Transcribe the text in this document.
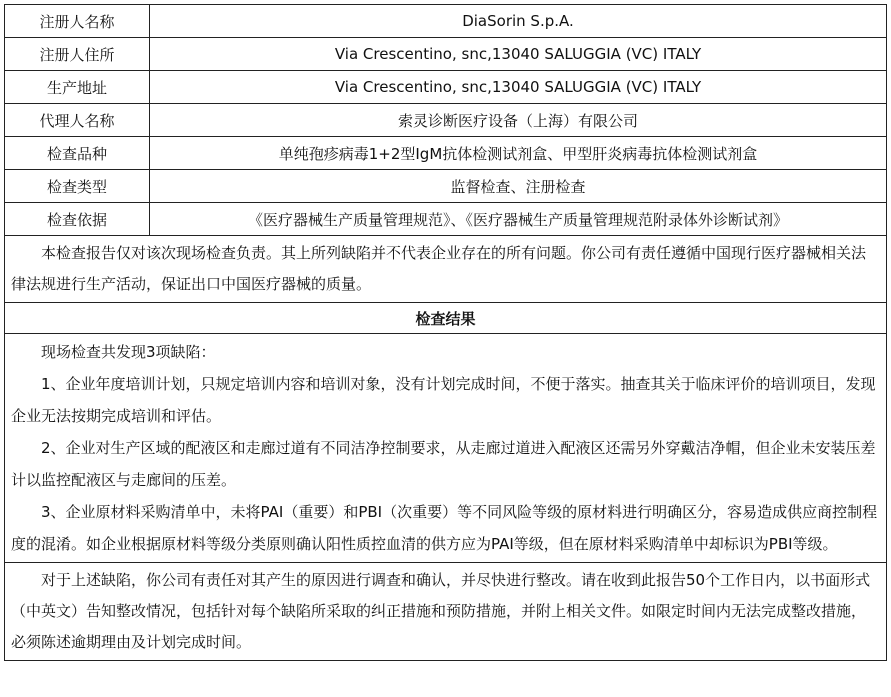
注册人名称	DiaSorin S.p.A.
注册人住所	Via Crescentino, snc,13040 SALUGGIA (VC) ITALY
生产地址	Via Crescentino, snc,13040 SALUGGIA (VC) ITALY
代理人名称	索灵诊断医疗设备（上海）有限公司
检查品种	单纯孢疹病毒1+2型IgM抗体检测试剂盒、甲型肝炎病毒抗体检测试剂盒
检查类型	监督检查、注册检查
检查依据	《医疗器械生产质量管理规范》、《医疗器械生产质量管理规范附录体外诊断试剂》

本检查报告仅对该次现场检查负责。其上所列缺陷并不代表企业存在的所有问题。你公司有责任遵循中国现行医疗器械相关法律法规进行生产活动，保证出口中国医疗器械的质量。	

检查结果	

现场检查共发现3项缺陷：

1、企业年度培训计划，只规定培训内容和培训对象，没有计划完成时间，不便于落实。抽查其关于临床评价的培训项目，发现企业无法按期完成培训和评估。

2、企业对生产区域的配液区和走廊过道有不同洁净控制要求，从走廊过道进入配液区还需另外穿戴洁净帽，但企业未安装压差计以监控配液区与走廊间的压差。

3、企业原材料采购清单中，未将PAI（重要）和PBI（次重要）等不同风险等级的原材料进行明确区分，容易造成供应商控制程度的混淆。如企业根据原材料等级分类原则确认阳性质控血清的供方应为PAI等级，但在原材料采购清单中却标识为PBI等级。	

对于上述缺陷，你公司有责任对其产生的原因进行调查和确认，并尽快进行整改。请在收到此报告50个工作日内，以书面形式（中英文）告知整改情况，包括针对每个缺陷所采取的纠正措施和预防措施，并附上相关文件。如限定时间内无法完成整改措施，必须陈述逾期理由及计划完成时间。	
